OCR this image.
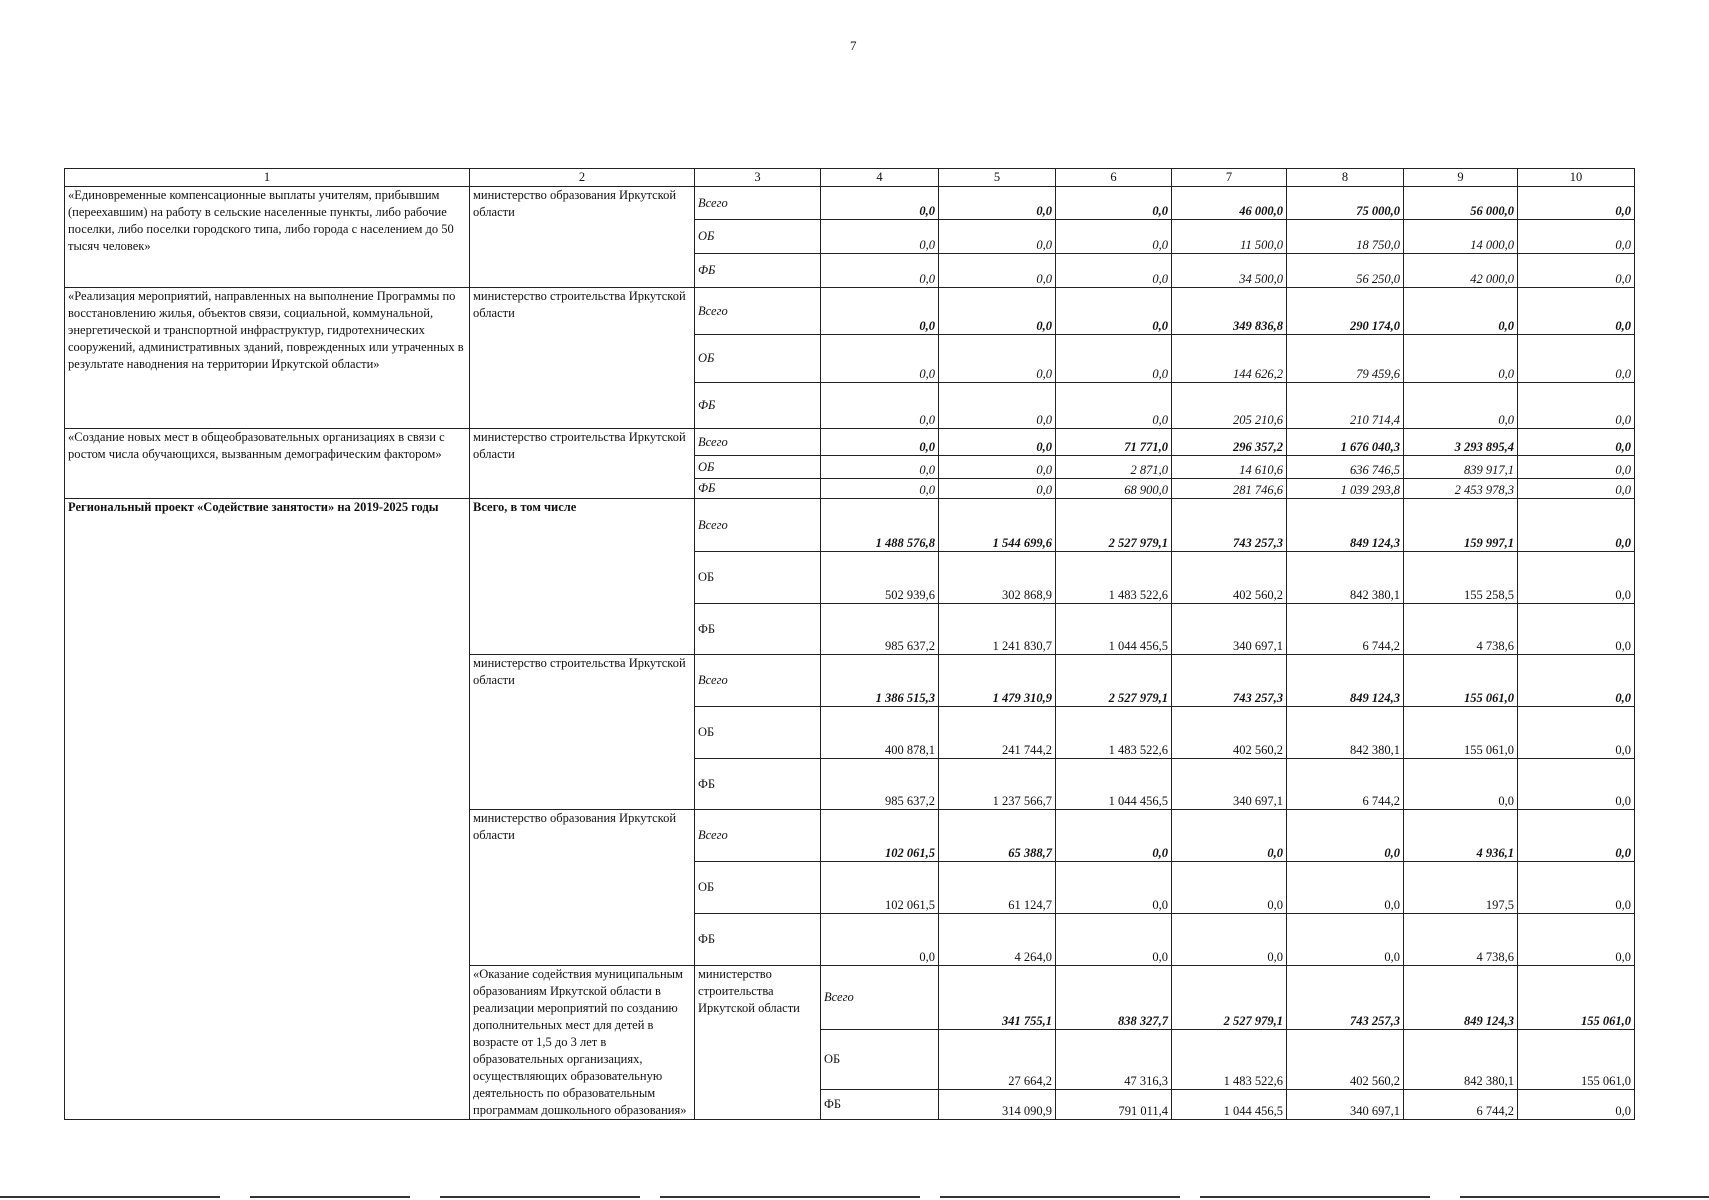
7
1	2	3	4	5	6	7	8	9	10	
«Единовременные компенсационные выплаты учителям, прибывшим (переехавшим) на работу в сельские населенные пункты, либо рабочие поселки, либо поселки городского типа, либо города с населением до 50 тысяч человек»	министерство образования Иркутской области	Всего	0,0	0,0	0,0	46 000,0	75 000,0	56 000,0	0,0	
		ОБ	0,0	0,0	0,0	11 500,0	18 750,0	14 000,0	0,0	
		ФБ	0,0	0,0	0,0	34 500,0	56 250,0	42 000,0	0,0	
«Реализация мероприятий, направленных на выполнение Программы по восстановлению жилья, объектов связи, социальной, коммунальной, энергетической и транспортной инфраструктур, гидротехнических сооружений, административных зданий, поврежденных или утраченных в результате наводнения на территории Иркутской области»	министерство строительства Иркутской области	Всего	0,0	0,0	0,0	349 836,8	290 174,0	0,0	0,0	
		ОБ	0,0	0,0	0,0	144 626,2	79 459,6	0,0	0,0	
		ФБ	0,0	0,0	0,0	205 210,6	210 714,4	0,0	0,0	
«Создание новых мест в общеобразовательных организациях в связи с ростом числа обучающихся, вызванным демографическим фактором»	министерство строительства Иркутской области	Всего	0,0	0,0	71 771,0	296 357,2	1 676 040,3	3 293 895,4	0,0	
		ОБ	0,0	0,0	2 871,0	14 610,6	636 746,5	839 917,1	0,0	
		ФБ	0,0	0,0	68 900,0	281 746,6	1 039 293,8	2 453 978,3	0,0	
Региональный проект «Содействие занятости» на 2019-2025 годы	Всего, в том числе	Всего	1 488 576,8	1 544 699,6	2 527 979,1	743 257,3	849 124,3	159 997,1	0,0	
		ОБ	502 939,6	302 868,9	1 483 522,6	402 560,2	842 380,1	155 258,5	0,0	
		ФБ	985 637,2	1 241 830,7	1 044 456,5	340 697,1	6 744,2	4 738,6	0,0	
	министерство строительства Иркутской области	Всего	1 386 515,3	1 479 310,9	2 527 979,1	743 257,3	849 124,3	155 061,0	0,0	
		ОБ	400 878,1	241 744,2	1 483 522,6	402 560,2	842 380,1	155 061,0	0,0	
		ФБ	985 637,2	1 237 566,7	1 044 456,5	340 697,1	6 744,2	0,0	0,0	
	министерство образования Иркутской области	Всего	102 061,5	65 388,7	0,0	0,0	0,0	4 936,1	0,0	
		ОБ	102 061,5	61 124,7	0,0	0,0	0,0	197,5	0,0	
		ФБ	0,0	4 264,0	0,0	0,0	0,0	4 738,6	0,0	
	«Оказание содействия муниципальным образованиям Иркутской области в реализации мероприятий по созданию дополнительных мест для детей в возрасте от 1,5 до 3 лет в образовательных организациях, осуществляющих образовательную деятельность по образовательным программам дошкольного образования»	министерство строительства Иркутской области	Всего	341 755,1	838 327,7	2 527 979,1	743 257,3	849 124,3	155 061,0	
			ОБ	27 664,2	47 316,3	1 483 522,6	402 560,2	842 380,1	155 061,0	
			ФБ	314 090,9	791 011,4	1 044 456,5	340 697,1	6 744,2	0,0	
